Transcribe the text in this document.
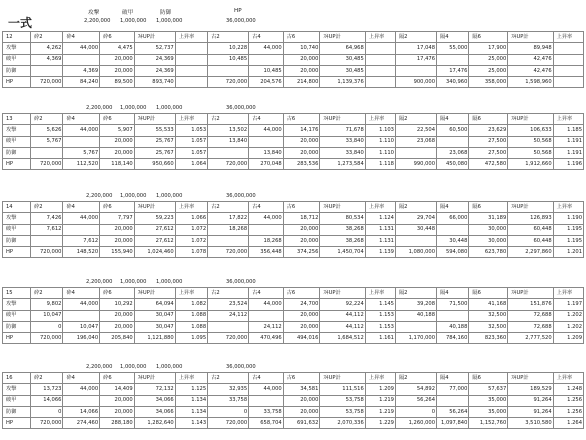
一式
攻撃	破甲	防御	HP
2,200,000 1,000,000 1,000,000	36,000,000
12	砕2	砕4	砕6	ｽｷUP計	上昇率	古2	古4	古6	ｽｷUP計	上昇率	隔2	隔4	隔6	ｽｷUP計	上昇率
攻撃	4,262	44,000	4,475	52,737		10,228	44,000	10,740	64,968		17,048	55,000	17,900	89,948	
破甲	4,369		20,000	24,369		10,485		20,000	30,485		17,476		25,000	42,476	
防御		4,369	20,000	24,369			10,485	20,000	30,485			17,476	25,000	42,476	
HP	720,000	84,240	89,500	893,740		720,000	204,576	214,800	1,139,376		900,000	340,960	358,000	1,598,960	
2,200,000 1,000,000 1,000,000	36,000,000
13	砕2	砕4	砕6	ｽｷUP計	上昇率	古2	古4	古6	ｽｷUP計	上昇率	隔2	隔4	隔6	ｽｷUP計	上昇率
攻撃	5,626	44,000	5,907	55,533	1.053	13,502	44,000	14,176	71,678	1.103	22,504	60,500	23,629	106,633	1.185
破甲	5,767		20,000	25,767	1.057	13,840		20,000	33,840	1.110	23,068		27,500	50,568	1.191
防御		5,767	20,000	25,767	1.057		13,840	20,000	33,840	1.110		23,068	27,500	50,568	1.191
HP	720,000	112,520	118,140	950,660	1.064	720,000	270,048	283,536	1,273,584	1.118	990,000	450,080	472,580	1,912,660	1.196
2,200,000 1,000,000 1,000,000	36,000,000
14	砕2	砕4	砕6	ｽｷUP計	上昇率	古2	古4	古6	ｽｷUP計	上昇率	隔2	隔4	隔6	ｽｷUP計	上昇率
攻撃	7,426	44,000	7,797	59,223	1.066	17,822	44,000	18,712	80,534	1.124	29,704	66,000	31,189	126,893	1.190
破甲	7,612		20,000	27,612	1.072	18,268		20,000	38,268	1.131	30,448		30,000	60,448	1.195
防御		7,612	20,000	27,612	1.072		18,268	20,000	38,268	1.131		30,448	30,000	60,448	1.195
HP	720,000	148,520	155,940	1,024,460	1.078	720,000	356,448	374,256	1,450,704	1.139	1,080,000	594,080	623,780	2,297,860	1.201
2,200,000 1,000,000 1,000,000	36,000,000
15	砕2	砕4	砕6	ｽｷUP計	上昇率	古2	古4	古6	ｽｷUP計	上昇率	隔2	隔4	隔6	ｽｷUP計	上昇率
攻撃	9,802	44,000	10,292	64,094	1.082	23,524	44,000	24,700	92,224	1.145	39,208	71,500	41,168	151,876	1.197
破甲	10,047		20,000	30,047	1.088	24,112		20,000	44,112	1.153	40,188		32,500	72,688	1.202
防御	0	10,047	20,000	30,047	1.088		24,112	20,000	44,112	1.153		40,188	32,500	72,688	1.202
HP	720,000	196,040	205,840	1,121,880	1.095	720,000	470,496	494,016	1,684,512	1.161	1,170,000	784,160	823,360	2,777,520	1.209
2,200,000 1,000,000 1,000,000	36,000,000
16	砕2	砕4	砕6	ｽｷUP計	上昇率	古2	古4	古6	ｽｷUP計	上昇率	隔2	隔4	隔6	ｽｷUP計	上昇率
攻撃	13,723	44,000	14,409	72,132	1.125	32,935	44,000	34,581	111,516	1.209	54,892	77,000	57,637	189,529	1.248
破甲	14,066		20,000	34,066	1.134	33,758		20,000	53,758	1.219	56,264		35,000	91,264	1.256
防御	0	14,066	20,000	34,066	1.134	0	33,758	20,000	53,758	1.219	0	56,264	35,000	91,264	1.256
HP	720,000	274,460	288,180	1,282,640	1.143	720,000	658,704	691,632	2,070,336	1.229	1,260,000	1,097,840	1,152,760	3,510,580	1.264
